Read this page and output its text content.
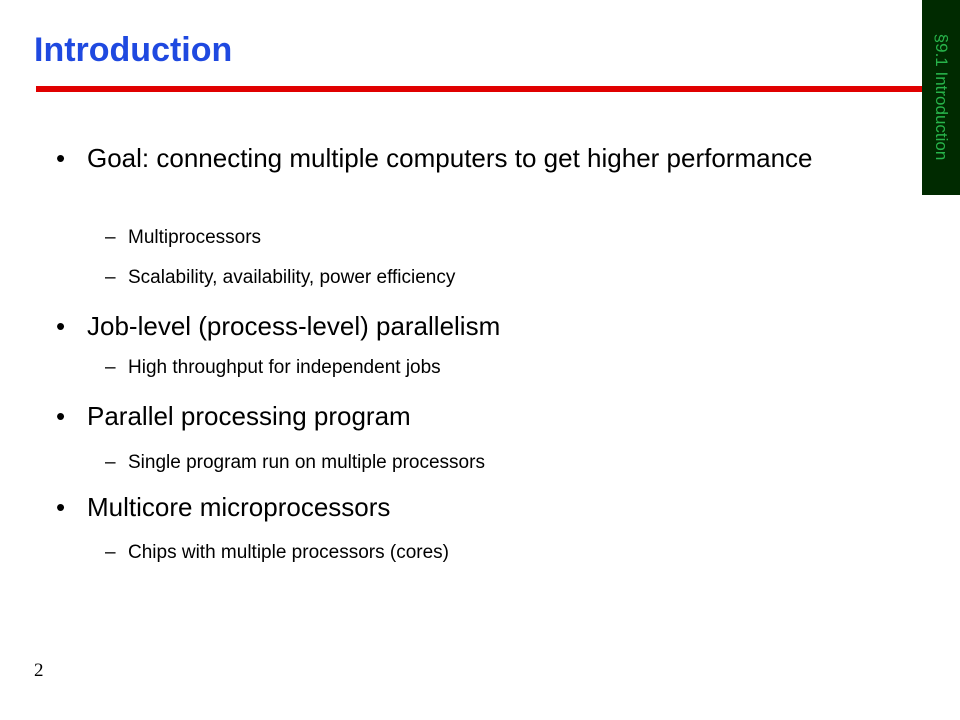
Introduction	§9.1 Introduction
• Goal: connecting multiple computers to get higher performance
– Multiprocessors
– Scalability, availability, power efficiency
• Job-level (process-level) parallelism
– High throughput for independent jobs
• Parallel processing program
– Single program run on multiple processors
• Multicore microprocessors
– Chips with multiple processors (cores)
2
